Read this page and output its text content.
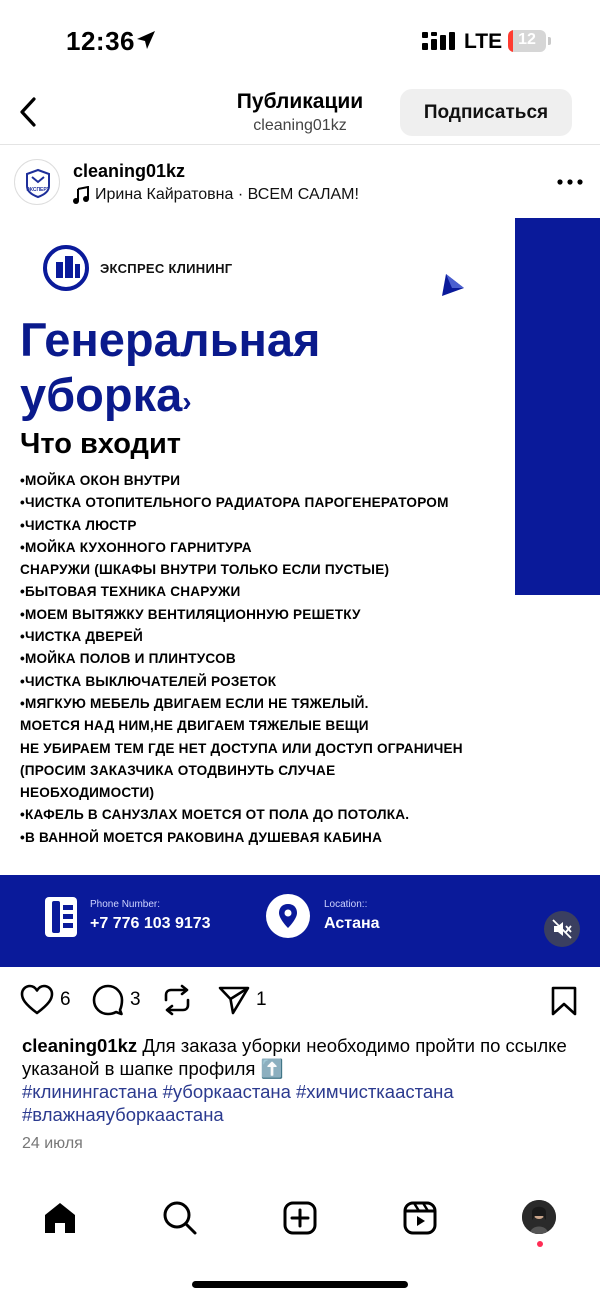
12:36	LTE 12
Публикации
cleaning01kz
Подписаться
ЭКСПЕРТ
cleaning01kz
Ирина Кайратовна · ВСЕМ САЛАМ!
ЭКСПРЕС КЛИНИНГ
Генеральная
уборка›
Что входит
•МОЙКА ОКОН ВНУТРИ
•ЧИСТКА ОТОПИТЕЛЬНОГО РАДИАТОРА ПАРОГЕНЕРАТОРОМ
•ЧИСТКА ЛЮСТР
•МОЙКА КУХОННОГО ГАРНИТУРА
СНАРУЖИ (ШКАФЫ ВНУТРИ ТОЛЬКО ЕСЛИ ПУСТЫЕ)
•БЫТОВАЯ ТЕХНИКА СНАРУЖИ
•МОЕМ ВЫТЯЖКУ ВЕНТИЛЯЦИОННУЮ РЕШЕТКУ
•ЧИСТКА ДВЕРЕЙ
•МОЙКА ПОЛОВ И ПЛИНТУСОВ
•ЧИСТКА ВЫКЛЮЧАТЕЛЕЙ РОЗЕТОК
•МЯГКУЮ МЕБЕЛЬ ДВИГАЕМ ЕСЛИ НЕ ТЯЖЕЛЫЙ.
МОЕТСЯ НАД НИМ,НЕ ДВИГАЕМ ТЯЖЕЛЫЕ ВЕЩИ
НЕ УБИРАЕМ ТЕМ ГДЕ НЕТ ДОСТУПА ИЛИ ДОСТУП ОГРАНИЧЕН
(ПРОСИМ ЗАКАЗЧИКА ОТОДВИНУТЬ СЛУЧАЕ
НЕОБХОДИМОСТИ)
•КАФЕЛЬ В САНУЗЛАХ МОЕТСЯ ОТ ПОЛА ДО ПОТОЛКА.
•В ВАННОЙ МОЕТСЯ РАКОВИНА ДУШЕВАЯ КАБИНА
Phone Number:
+7 776 103 9173
Location::
Астана
6	3	1
cleaning01kz Для заказа уборки необходимо пройти по ссылке указаной в шапке профиля ⬆️
#клинингастана #уборкаастана #химчисткаастана #влажнаяуборкаастана
24 июля
